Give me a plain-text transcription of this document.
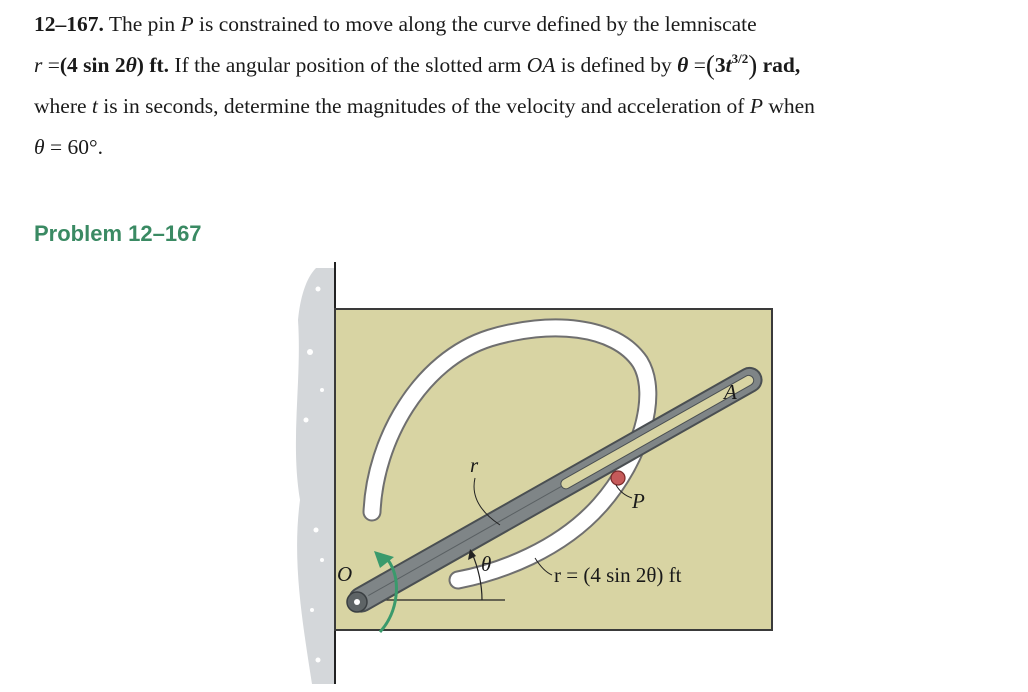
12–167. The pin P is constrained to move along the curve defined by the lemniscate
r =(4 sin 2θ) ft. If the angular position of the slotted arm OA is defined by $\theta =(3t^{3/2})$ rad,
where t is in seconds, determine the magnitudes of the velocity and acceleration of P when
θ = 60°.
Problem 12–167
A
P
O
r
θ	r = (4 sin 2θ) ft
